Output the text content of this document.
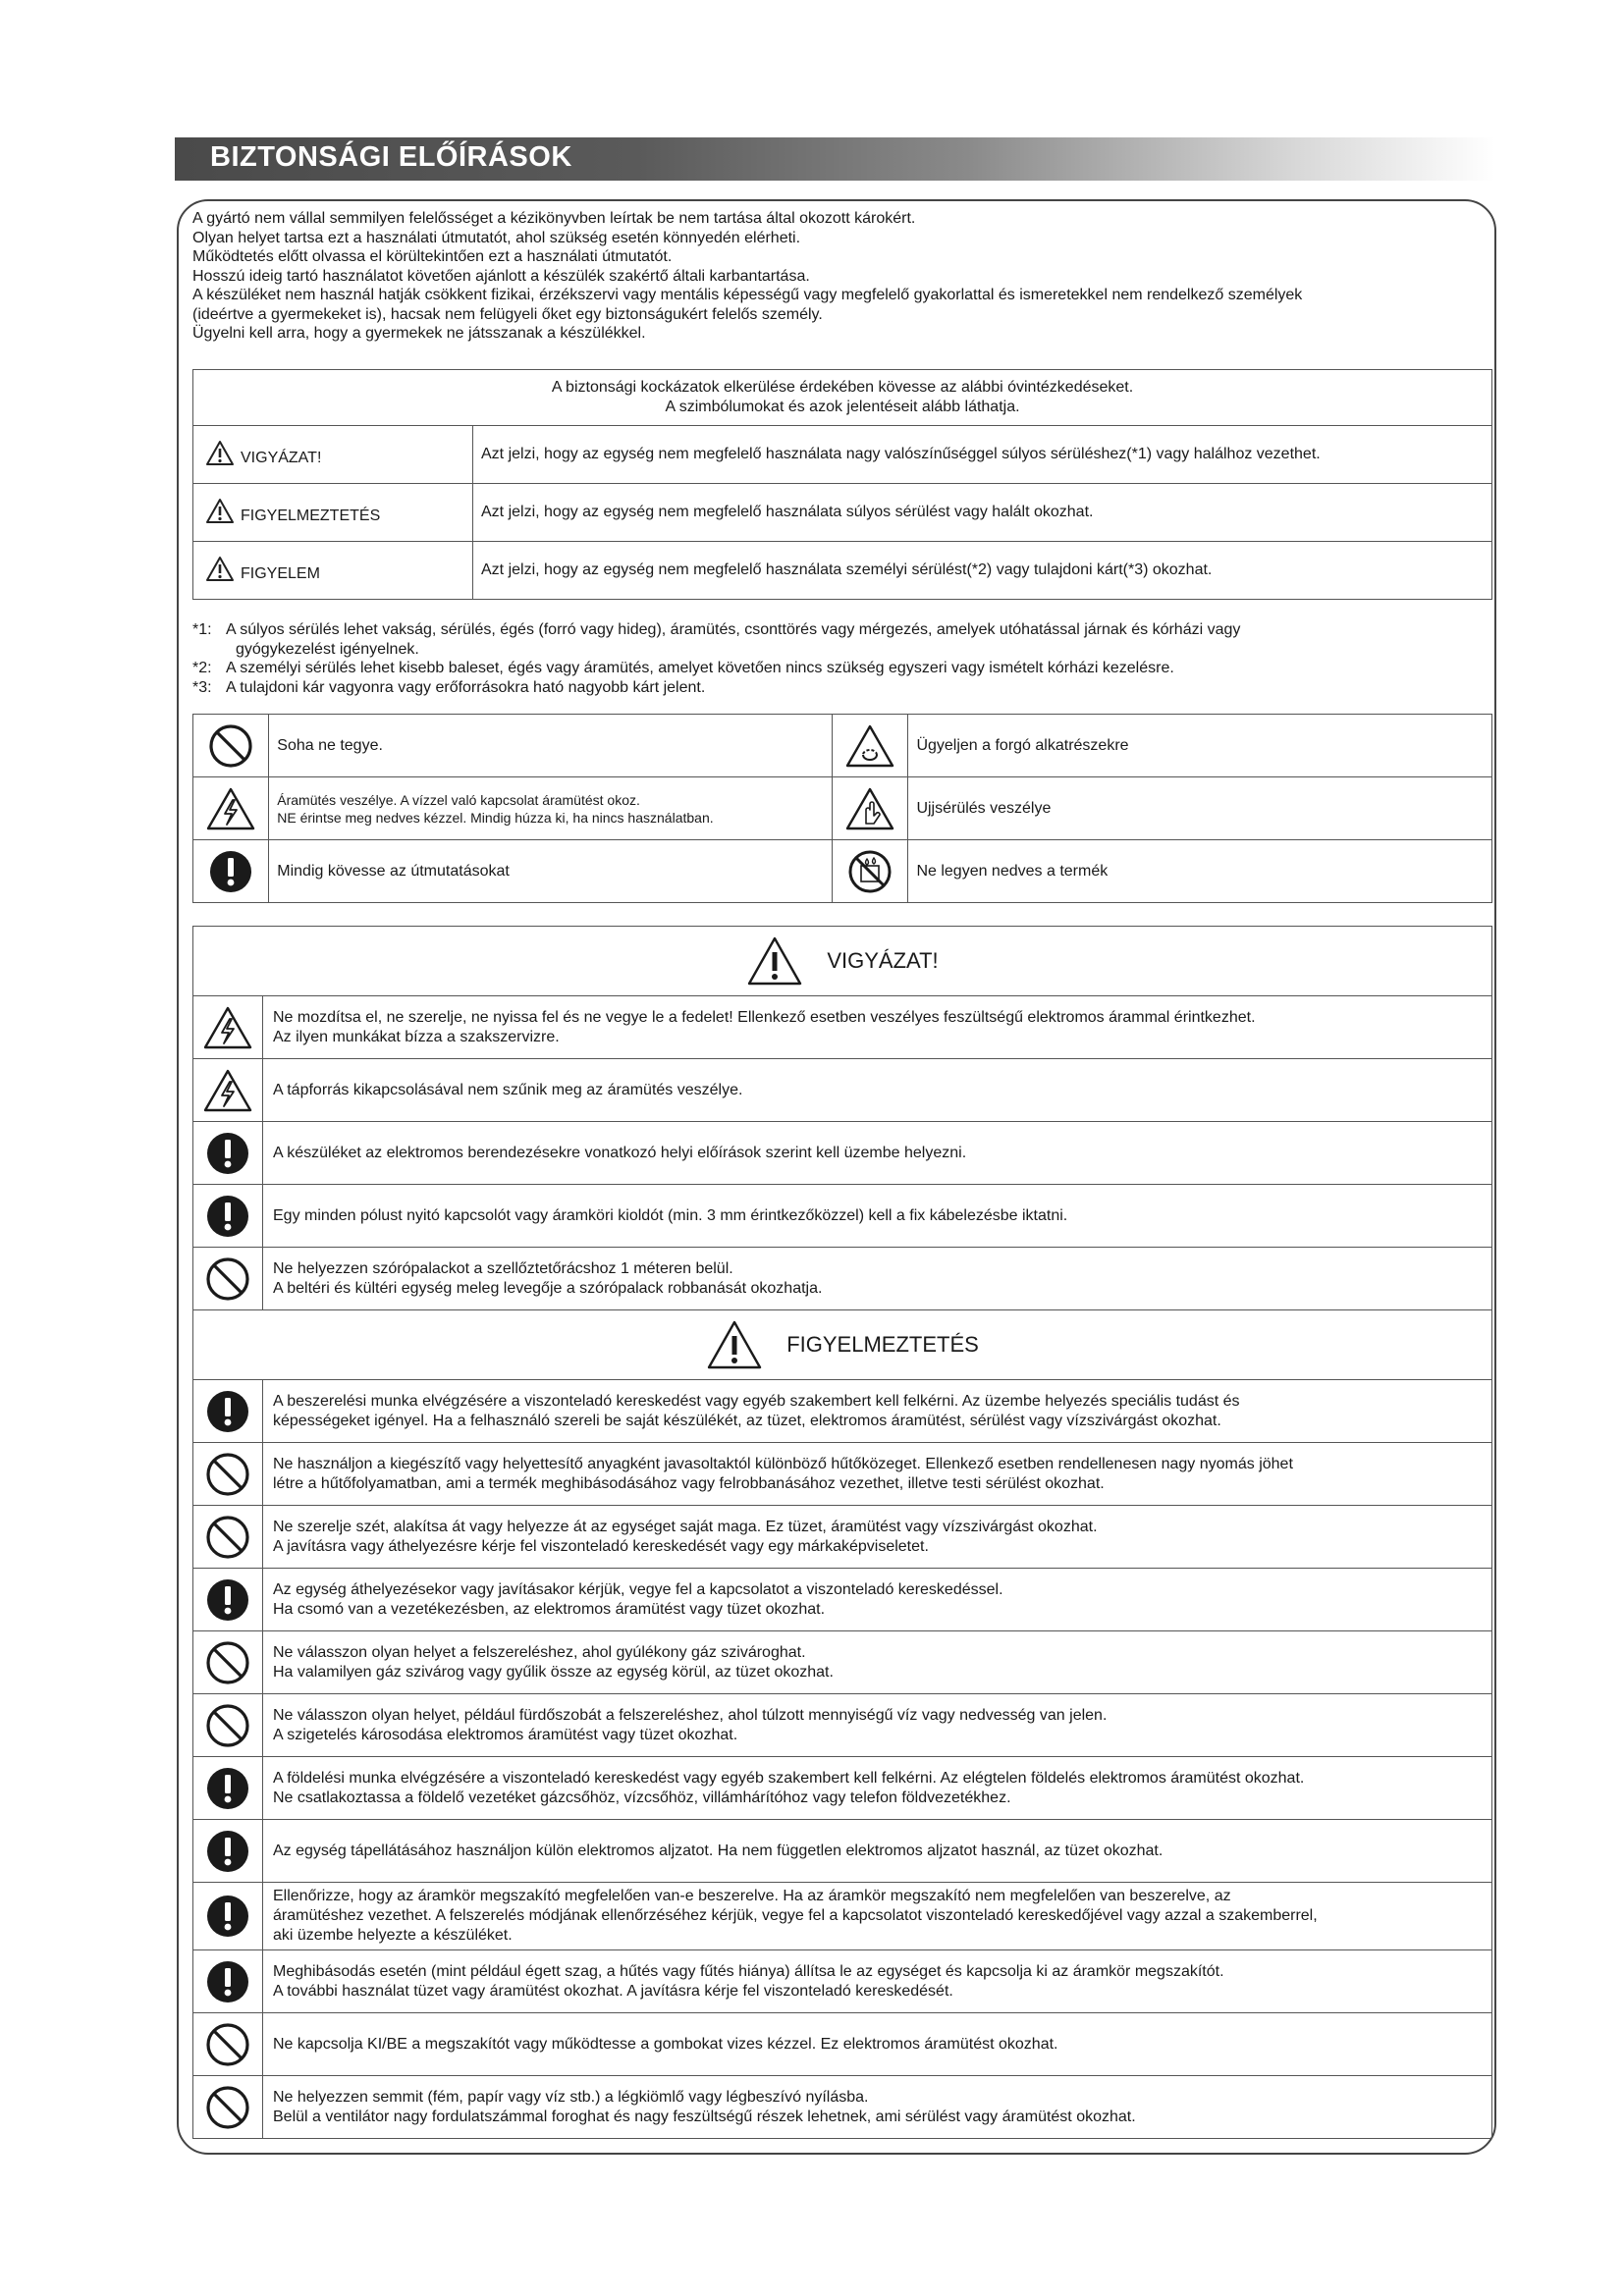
BIZTONSÁGI ELŐÍRÁSOK
A gyártó nem vállal semmilyen felelősséget a kézikönyvben leírtak be nem tartása által okozott károkért.
Olyan helyet tartsa ezt a használati útmutatót, ahol szükség esetén könnyedén elérheti.
Működtetés előtt olvassa el körültekintően ezt a használati útmutatót.
Hosszú ideig tartó használatot követően ajánlott a készülék szakértő általi karbantartása.
A készüléket nem használ hatják csökkent fizikai, érzékszervi vagy mentális képességű vagy megfelelő gyakorlattal és ismeretekkel nem rendelkező személyek
(ideértve a gyermekeket is), hacsak nem felügyeli őket egy biztonságukért felelős személy.
Ügyelni kell arra, hogy a gyermekek ne játsszanak a készülékkel.
A biztonsági kockázatok elkerülése érdekében kövesse az alábbi óvintézkedéseket.
A szimbólumokat és azok jelentéseit alább láthatja.	

VIGYÁZAT!	Azt jelzi, hogy az egység nem megfelelő használata nagy valószínűséggel súlyos sérüléshez(*1) vagy halálhoz vezethet.

FIGYELMEZTETÉS	Azt jelzi, hogy az egység nem megfelelő használata súlyos sérülést vagy halált okozhat.

FIGYELEM	Azt jelzi, hogy az egység nem megfelelő használata személyi sérülést(*2) vagy tulajdoni kárt(*3) okozhat.
*1: A súlyos sérülés lehet vakság, sérülés, égés (forró vagy hideg), áramütés, csonttörés vagy mérgezés, amelyek utóhatással járnak és kórházi vagy
gyógykezelést igényelnek.
*2: A személyi sérülés lehet kisebb baleset, égés vagy áramütés, amelyet követően nincs szükség egyszeri vagy ismételt kórházi kezelésre.
*3: A tulajdoni kár vagyonra vagy erőforrásokra ható nagyobb kárt jelent.
	Soha ne tegye.		Ügyeljen a forgó alkatrészekre

Áramütés veszélye. A vízzel való kapcsolat áramütést okoz.
NE érintse meg nedves kézzel. Mindig húzza ki, ha nincs használatban.		Ujjsérülés veszélye
	Mindig kövesse az útmutatásokat		Ne legyen nedves a termék
VIGYÁZAT!	

Ne mozdítsa el, ne szerelje, ne nyissa fel és ne vegye le a fedelet! Ellenkező esetben veszélyes feszültségű elektromos árammal érintkezhet.
Az ilyen munkákat bízza a szakszervizre.

A tápforrás kikapcsolásával nem szűnik meg az áramütés veszélye.

A készüléket az elektromos berendezésekre vonatkozó helyi előírások szerint kell üzembe helyezni.

Egy minden pólust nyitó kapcsolót vagy áramköri kioldót (min. 3 mm érintkezőközzel) kell a fix kábelezésbe iktatni.

Ne helyezzen szórópalackot a szellőztetőrácshoz 1 méteren belül.
A beltéri és kültéri egység meleg levegője a szórópalack robbanását okozhatja.

FIGYELMEZTETÉS	

A beszerelési munka elvégzésére a viszonteladó kereskedést vagy egyéb szakembert kell felkérni. Az üzembe helyezés speciális tudást és
képességeket igényel. Ha a felhasználó szereli be saját készülékét, az tüzet, elektromos áramütést, sérülést vagy vízszivárgást okozhat.

Ne használjon a kiegészítő vagy helyettesítő anyagként javasoltaktól különböző hűtőközeget. Ellenkező esetben rendellenesen nagy nyomás jöhet
létre a hűtőfolyamatban, ami a termék meghibásodásához vagy felrobbanásához vezethet, illetve testi sérülést okozhat.

Ne szerelje szét, alakítsa át vagy helyezze át az egységet saját maga. Ez tüzet, áramütést vagy vízszivárgást okozhat.
A javításra vagy áthelyezésre kérje fel viszonteladó kereskedését vagy egy márkaképviseletet.

Az egység áthelyezésekor vagy javításakor kérjük, vegye fel a kapcsolatot a viszonteladó kereskedéssel.
Ha csomó van a vezetékezésben, az elektromos áramütést vagy tüzet okozhat.

Ne válasszon olyan helyet a felszereléshez, ahol gyúlékony gáz szivároghat.
Ha valamilyen gáz szivárog vagy gyűlik össze az egység körül, az tüzet okozhat.

Ne válasszon olyan helyet, például fürdőszobát a felszereléshez, ahol túlzott mennyiségű víz vagy nedvesség van jelen.
A szigetelés károsodása elektromos áramütést vagy tüzet okozhat.

A földelési munka elvégzésére a viszonteladó kereskedést vagy egyéb szakembert kell felkérni. Az elégtelen földelés elektromos áramütést okozhat.
Ne csatlakoztassa a földelő vezetéket gázcsőhöz, vízcsőhöz, villámhárítóhoz vagy telefon földvezetékhez.

Az egység tápellátásához használjon külön elektromos aljzatot. Ha nem független elektromos aljzatot használ, az tüzet okozhat.

Ellenőrizze, hogy az áramkör megszakító megfelelően van-e beszerelve. Ha az áramkör megszakító nem megfelelően van beszerelve, az
áramütéshez vezethet. A felszerelés módjának ellenőrzéséhez kérjük, vegye fel a kapcsolatot viszonteladó kereskedőjével vagy azzal a szakemberrel,
aki üzembe helyezte a készüléket.

Meghibásodás esetén (mint például égett szag, a hűtés vagy fűtés hiánya) állítsa le az egységet és kapcsolja ki az áramkör megszakítót.
A további használat tüzet vagy áramütést okozhat. A javításra kérje fel viszonteladó kereskedését.

Ne kapcsolja KI/BE a megszakítót vagy működtesse a gombokat vizes kézzel. Ez elektromos áramütést okozhat.

Ne helyezzen semmit (fém, papír vagy víz stb.) a légkiömlő vagy légbeszívó nyílásba.
Belül a ventilátor nagy fordulatszámmal foroghat és nagy feszültségű részek lehetnek, ami sérülést vagy áramütést okozhat.
